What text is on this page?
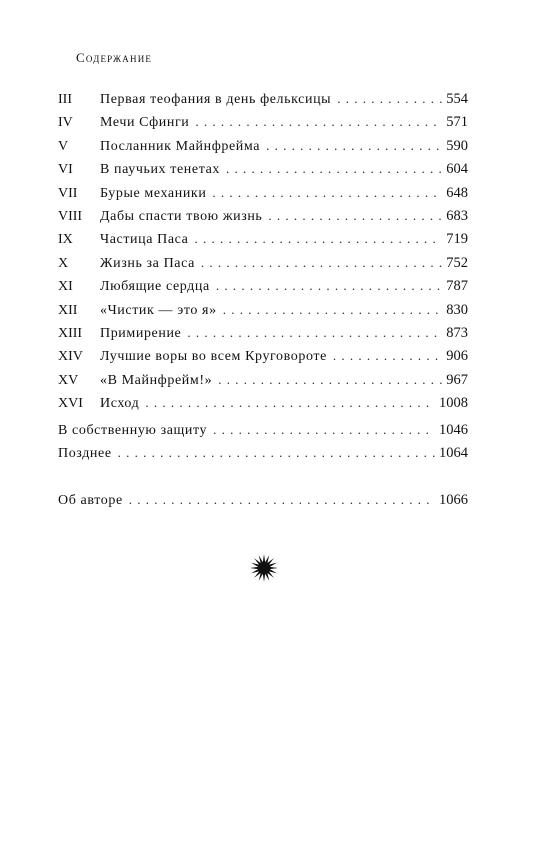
Содержание
III	Первая теофания в день фельксицы . . .	554
IV	Мечи Сфинги . . .	571
V	Посланник Майнфрейма . . .	590
VI	В паучьих тенетах . . .	604
VII	Бурые механики . . .	648
VIII	Дабы спасти твою жизнь . . .	683
IX	Частица Паса . . .	719
X	Жизнь за Паса . . .	752
XI	Любящие сердца . . .	787
XII	«Чистик — это я» . . .	830
XIII	Примирение . . .	873
XIV	Лучшие воры во всем Круговороте . . .	906
XV	«В Майнфрейм!» . . .	967
XVI	Исход . . .	1008
В собственную защиту . . .	1046
Позднее . . .	1064
Об авторе . . .	1066
